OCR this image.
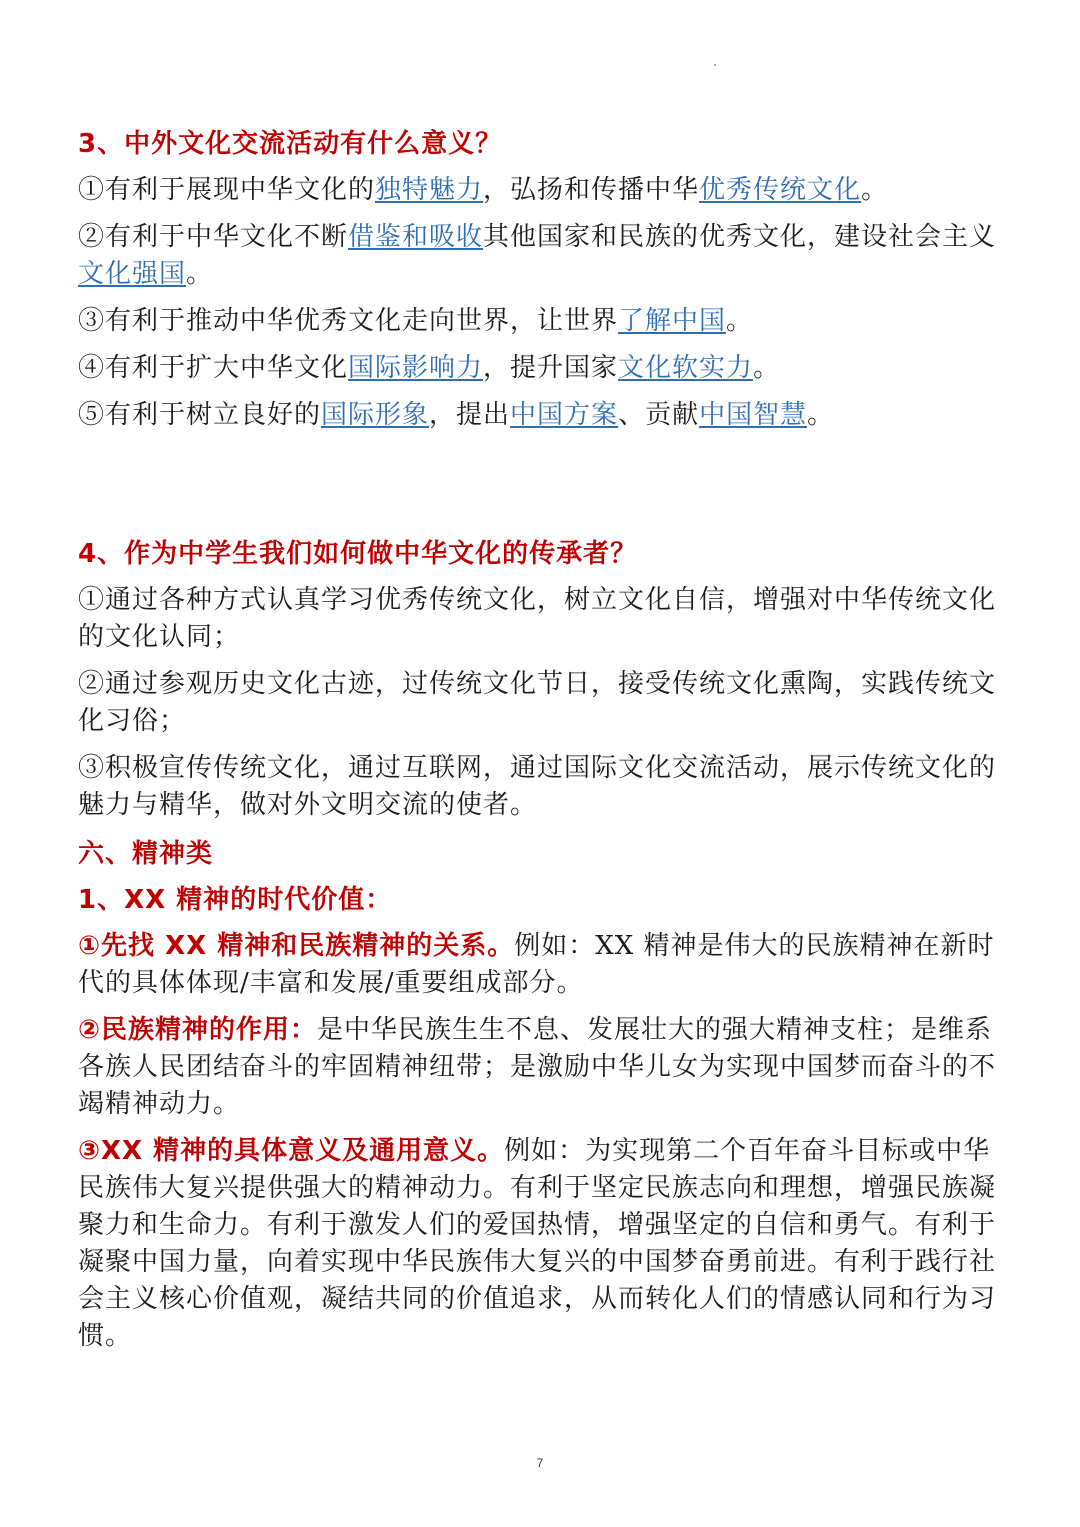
3、中外文化交流活动有什么意义？

①有利于展现中华文化的独特魅力，弘扬和传播中华优秀传统文化。

②有利于中华文化不断借鉴和吸收其他国家和民族的优秀文化，建设社会主义文化强国。

③有利于推动中华优秀文化走向世界，让世界了解中国。

④有利于扩大中华文化国际影响力，提升国家文化软实力。

⑤有利于树立良好的国际形象，提出中国方案、贡献中国智慧。

4、作为中学生我们如何做中华文化的传承者？

①通过各种方式认真学习优秀传统文化，树立文化自信，增强对中华传统文化的文化认同；

②通过参观历史文化古迹，过传统文化节日，接受传统文化熏陶，实践传统文化习俗；

③积极宣传传统文化，通过互联网，通过国际文化交流活动，展示传统文化的魅力与精华，做对外文明交流的使者。

六、精神类
1、XX 精神的时代价值：

①先找 XX 精神和民族精神的关系。例如：XX 精神是伟大的民族精神在新时代的具体体现/丰富和发展/重要组成部分。

②民族精神的作用：是中华民族生生不息、发展壮大的强大精神支柱；是维系各族人民团结奋斗的牢固精神纽带；是激励中华儿女为实现中国梦而奋斗的不竭精神动力。

③XX 精神的具体意义及通用意义。例如：为实现第二个百年奋斗目标或中华民族伟大复兴提供强大的精神动力。有利于坚定民族志向和理想，增强民族凝聚力和生命力。有利于激发人们的爱国热情，增强坚定的自信和勇气。有利于凝聚中国力量，向着实现中华民族伟大复兴的中国梦奋勇前进。有利于践行社会主义核心价值观，凝结共同的价值追求，从而转化人们的情感认同和行为习惯。

7
